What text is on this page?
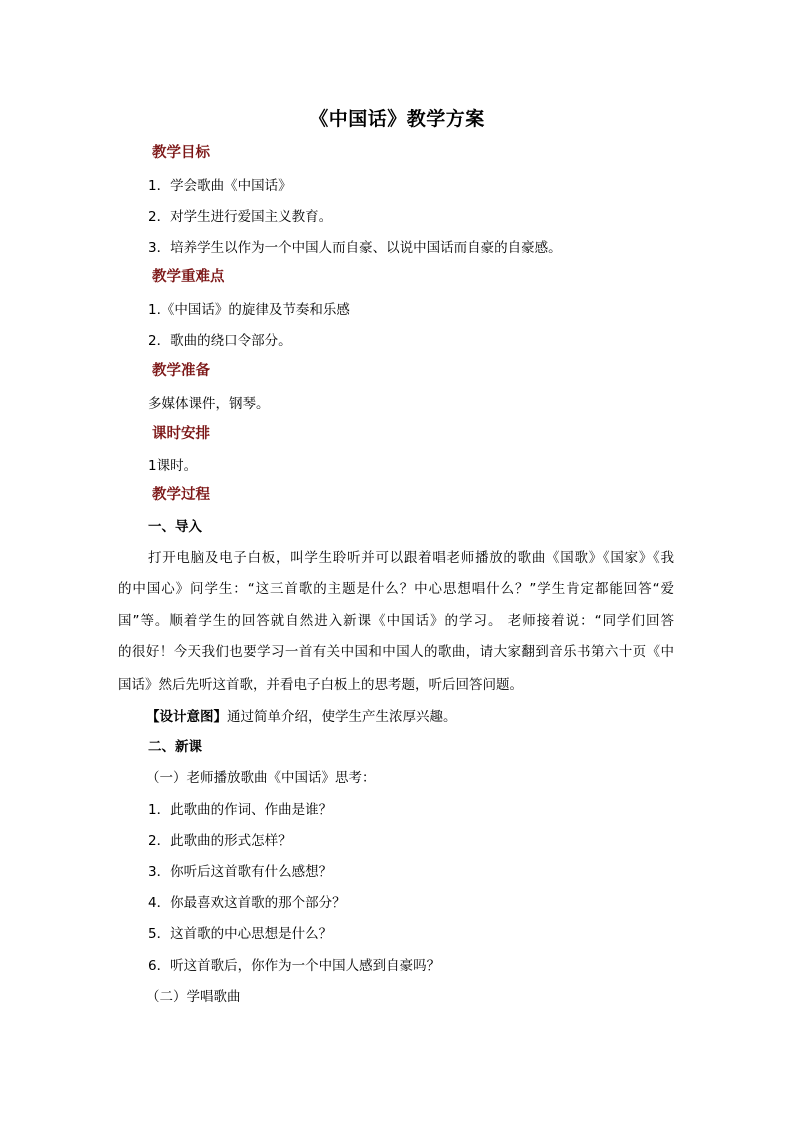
《中国话》教学方案
教学目标
1．学会歌曲《中国话》
2．对学生进行爱国主义教育。
3．培养学生以作为一个中国人而自豪、以说中国话而自豪的自豪感。
教学重难点
1.《中国话》的旋律及节奏和乐感
2．歌曲的绕口令部分。
教学准备
多媒体课件，钢琴。
课时安排
1课时。
教学过程
一、导入
打开电脑及电子白板，叫学生聆听并可以跟着唱老师播放的歌曲《国歌》《国家》《我
的中国心》问学生：“这三首歌的主题是什么？中心思想唱什么？”学生肯定都能回答“爱
国”等。顺着学生的回答就自然进入新课《中国话》的学习。 老师接着说：“同学们回答
的很好！今天我们也要学习一首有关中国和中国人的歌曲，请大家翻到音乐书第六十页《中
国话》然后先听这首歌，并看电子白板上的思考题，听后回答问题。
【设计意图】通过简单介绍，使学生产生浓厚兴趣。
二、新课
（一）老师播放歌曲《中国话》思考：
1．此歌曲的作词、作曲是谁？
2．此歌曲的形式怎样？
3．你听后这首歌有什么感想？
4．你最喜欢这首歌的那个部分？
5．这首歌的中心思想是什么？
6．听这首歌后，你作为一个中国人感到自豪吗？
（二）学唱歌曲
